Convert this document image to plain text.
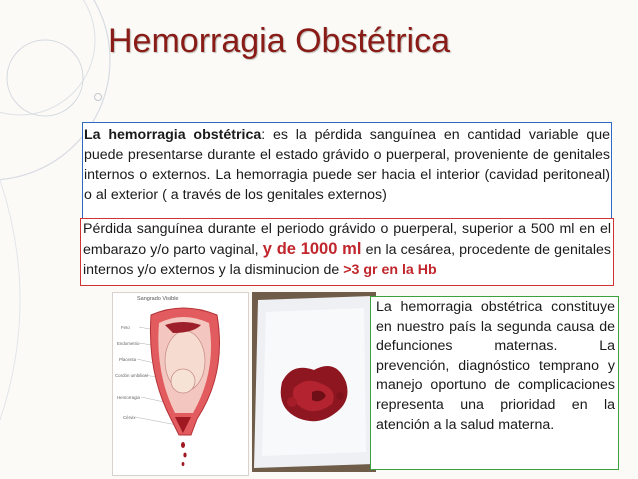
Hemorragia Obstétrica
La hemorragia obstétrica: es la pérdida sanguínea en cantidad variable que puede presentarse durante el estado grávido o puerperal, proveniente de genitales internos o externos. La hemorragia puede ser hacia el interior (cavidad peritoneal) o al exterior ( a través de los genitales externos)
Pérdida sanguínea durante el periodo grávido o puerperal, superior a 500 ml en el embarazo y/o parto vaginal, y de 1000 ml en la cesárea, procedente de genitales internos y/o externos y la disminucion de >3 gr en la Hb
Sangrado Visible
Feto
Endometrio
Placenta
Cordón umbilical
Hemorragia
Cérvix
La hemorragia obstétrica constituye en nuestro país la segunda causa de defunciones maternas. La prevención, diagnóstico temprano y manejo oportuno de complicaciones representa una prioridad en la atención a la salud materna.
